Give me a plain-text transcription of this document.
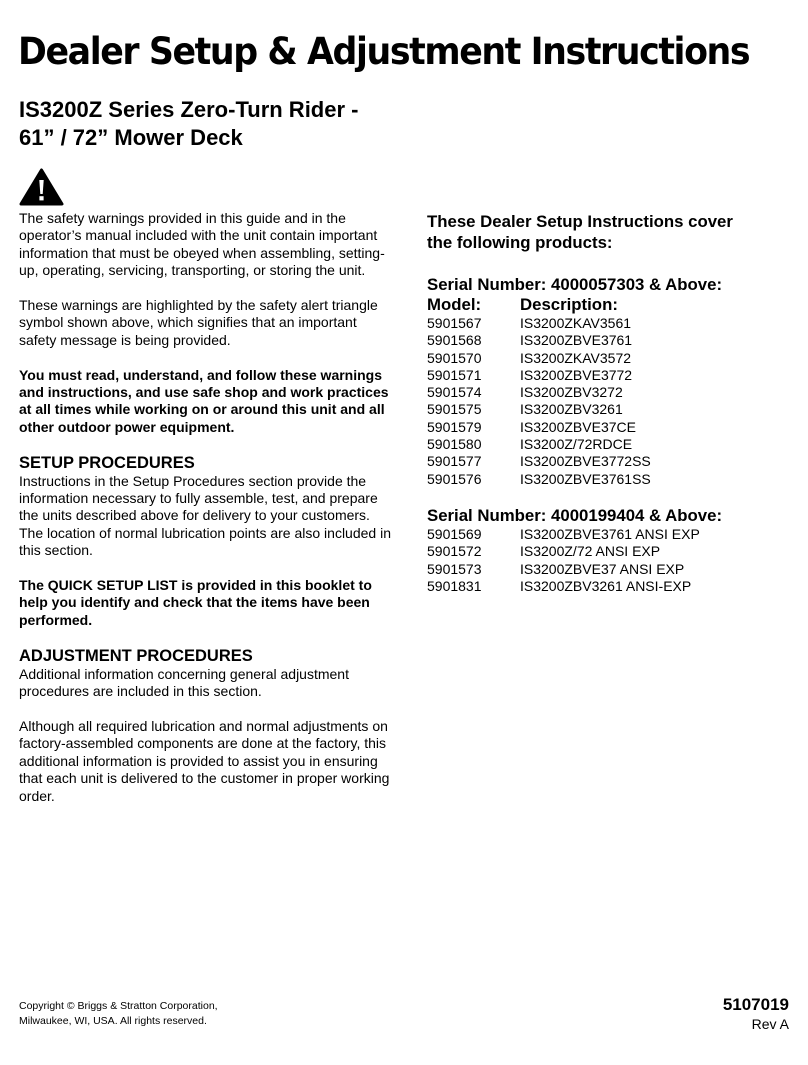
Dealer Setup & Adjustment Instructions
IS3200Z Series Zero-Turn Rider -
61” / 72” Mower Deck

The safety warnings provided in this guide and in the operator’s manual included with the unit contain important information that must be obeyed when assembling, setting-up, operating, servicing, transporting, or storing the unit.

These warnings are highlighted by the safety alert triangle symbol shown above, which signifies that an important safety message is being provided.

You must read, understand, and follow these warnings and instructions, and use safe shop and work practices at all times while working on or around this unit and all other outdoor power equipment.

SETUP PROCEDURES

Instructions in the Setup Procedures section provide the information necessary to fully assemble, test, and prepare the units described above for delivery to your customers. The location of normal lubrication points are also included in this section.

The QUICK SETUP LIST is provided in this booklet to help you identify and check that the items have been performed.

ADJUSTMENT PROCEDURES

Additional information concerning general adjustment procedures are included in this section.

Although all required lubrication and normal adjustments on factory-assembled components are done at the factory, this additional information is provided to assist you in ensuring that each unit is delivered to the customer in proper working order.

These Dealer Setup Instructions cover
the following products:

Serial Number: 4000057303 & Above:

Model:	Description:
5901567	IS3200ZKAV3561
5901568	IS3200ZBVE3761
5901570	IS3200ZKAV3572
5901571	IS3200ZBVE3772
5901574	IS3200ZBV3272
5901575	IS3200ZBV3261
5901579	IS3200ZBVE37CE
5901580	IS3200Z/72RDCE
5901577	IS3200ZBVE3772SS
5901576	IS3200ZBVE3761SS

Serial Number: 4000199404 & Above:

5901569	IS3200ZBVE3761 ANSI EXP
5901572	IS3200Z/72 ANSI EXP
5901573	IS3200ZBVE37 ANSI EXP
5901831	IS3200ZBV3261 ANSI-EXP
Copyright © Briggs & Stratton Corporation,
Milwaukee, WI, USA. All rights reserved.
5107019
Rev A
